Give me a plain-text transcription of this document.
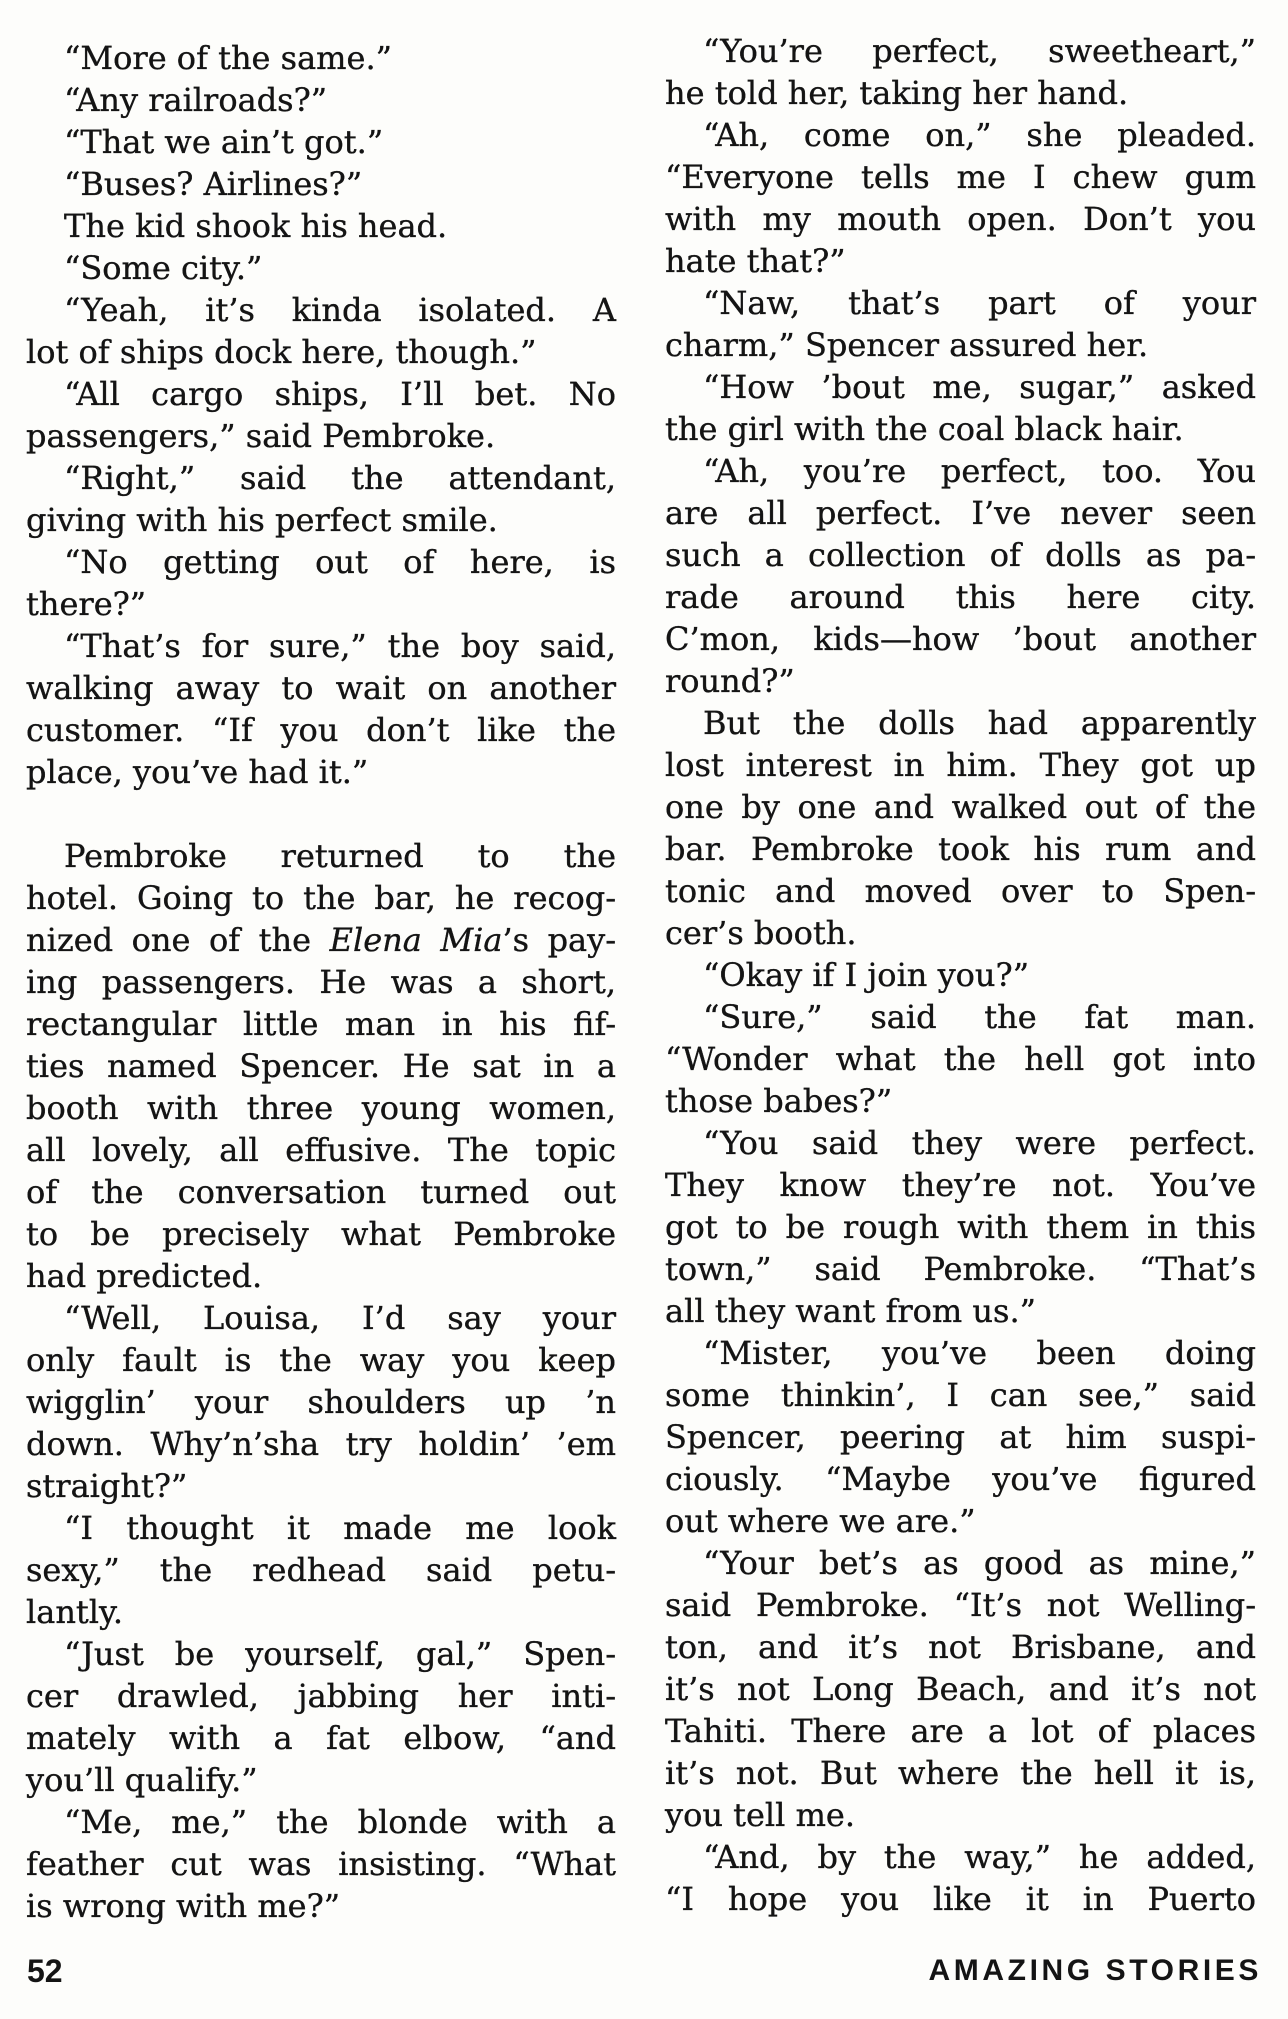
“More of the same.”
“Any railroads?”
“That we ain’t got.”
“Buses? Airlines?”
The kid shook his head.
“Some city.”
“Yeah, it’s kinda isolated. A
lot of ships dock here, though.”
“All cargo ships, I’ll bet. No
passengers,” said Pembroke.
“Right,” said the attendant,
giving with his perfect smile.
“No getting out of here, is
there?”
“That’s for sure,” the boy said,
walking away to wait on another
customer. “If you don’t like the
place, you’ve had it.”
Pembroke returned to the
hotel. Going to the bar, he recog-
nized one of the Elena Mia’s pay-
ing passengers. He was a short,
rectangular little man in his fif-
ties named Spencer. He sat in a
booth with three young women,
all lovely, all effusive. The topic
of the conversation turned out
to be precisely what Pembroke
had predicted.
“Well, Louisa, I’d say your
only fault is the way you keep
wigglin’ your shoulders up ’n
down. Why’n’sha try holdin’ ’em
straight?”
“I thought it made me look
sexy,” the redhead said petu-
lantly.
“Just be yourself, gal,” Spen-
cer drawled, jabbing her inti-
mately with a fat elbow, “and
you’ll qualify.”
“Me, me,” the blonde with a
feather cut was insisting. “What
is wrong with me?”
“You’re perfect, sweetheart,”
he told her, taking her hand.
“Ah, come on,” she pleaded.
“Everyone tells me I chew gum
with my mouth open. Don’t you
hate that?”
“Naw, that’s part of your
charm,” Spencer assured her.
“How ’bout me, sugar,” asked
the girl with the coal black hair.
“Ah, you’re perfect, too. You
are all perfect. I’ve never seen
such a collection of dolls as pa-
rade around this here city.
C’mon, kids—how ’bout another
round?”
But the dolls had apparently
lost interest in him. They got up
one by one and walked out of the
bar. Pembroke took his rum and
tonic and moved over to Spen-
cer’s booth.
“Okay if I join you?”
“Sure,” said the fat man.
“Wonder what the hell got into
those babes?”
“You said they were perfect.
They know they’re not. You’ve
got to be rough with them in this
town,” said Pembroke. “That’s
all they want from us.”
“Mister, you’ve been doing
some thinkin’, I can see,” said
Spencer, peering at him suspi-
ciously. “Maybe you’ve figured
out where we are.”
“Your bet’s as good as mine,”
said Pembroke. “It’s not Welling-
ton, and it’s not Brisbane, and
it’s not Long Beach, and it’s not
Tahiti. There are a lot of places
it’s not. But where the hell it is,
you tell me.
“And, by the way,” he added,
“I hope you like it in Puerto
52	AMAZING STORIES
